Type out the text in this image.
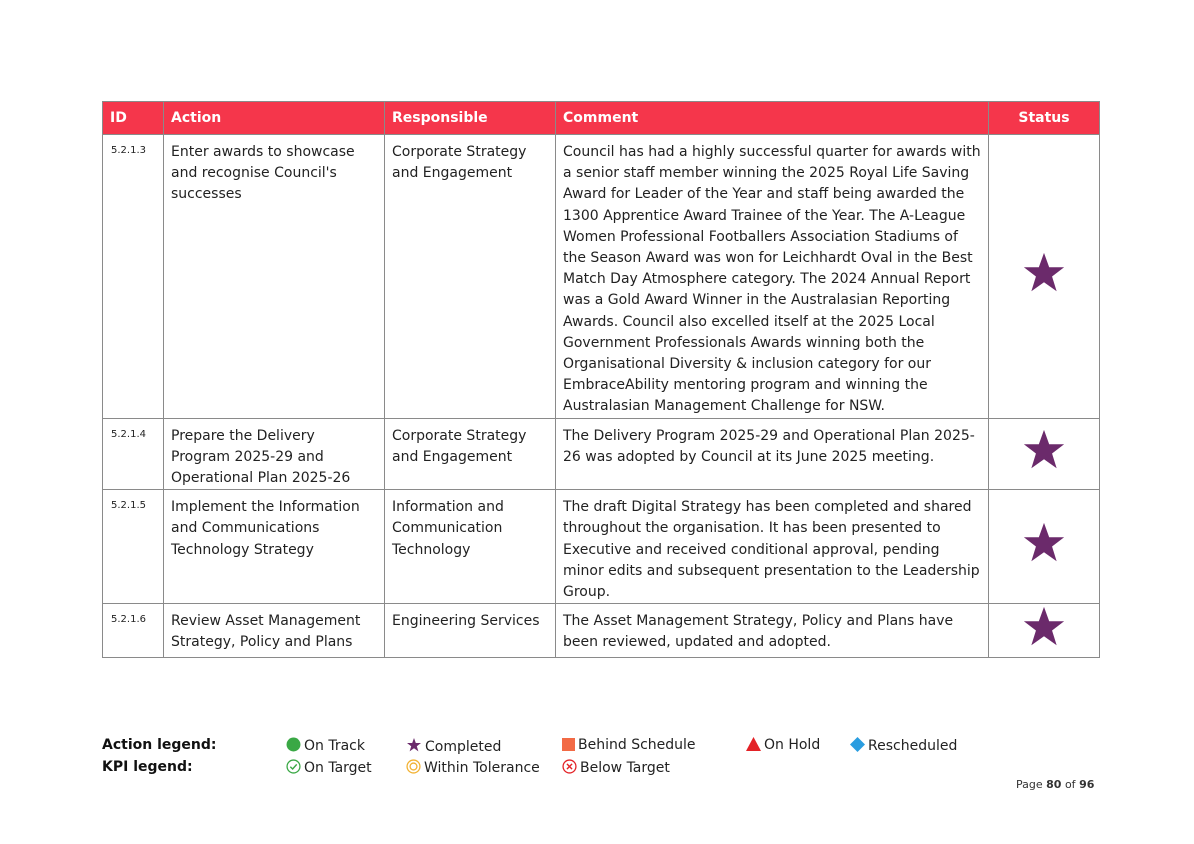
ID	Action	Responsible	Comment	Status
5.2.1.3	Enter awards to showcase and recognise Council's successes	Corporate Strategy and Engagement	Council has had a highly successful quarter for awards with a senior staff member winning the 2025 Royal Life Saving Award for Leader of the Year and staff being awarded the 1300 Apprentice Award Trainee of the Year. The A-League Women Professional Footballers Association Stadiums of the Season Award was won for Leichhardt Oval in the Best Match Day Atmosphere category. The 2024 Annual Report was a Gold Award Winner in the Australasian Reporting Awards. Council also excelled itself at the 2025 Local Government Professionals Awards winning both the Organisational Diversity & inclusion category for our EmbraceAbility mentoring program and winning the Australasian Management Challenge for NSW.	
5.2.1.4	Prepare the Delivery Program 2025-29 and Operational Plan 2025-26	Corporate Strategy and Engagement	The Delivery Program 2025-29 and Operational Plan 2025-26 was adopted by Council at its June 2025 meeting.	
5.2.1.5	Implement the Information and Communications Technology Strategy	Information and Communication Technology	The draft Digital Strategy has been completed and shared throughout the organisation. It has been presented to Executive and received conditional approval, pending minor edits and subsequent presentation to the Leadership Group.	
5.2.1.6	Review Asset Management Strategy, Policy and Plans	Engineering Services	The Asset Management Strategy, Policy and Plans have been reviewed, updated and adopted.	
Action legend:
KPI legend:
On Track	Completed	Behind Schedule	On Hold	Rescheduled
On Target	Within Tolerance	Below Target
Page 80 of 96
